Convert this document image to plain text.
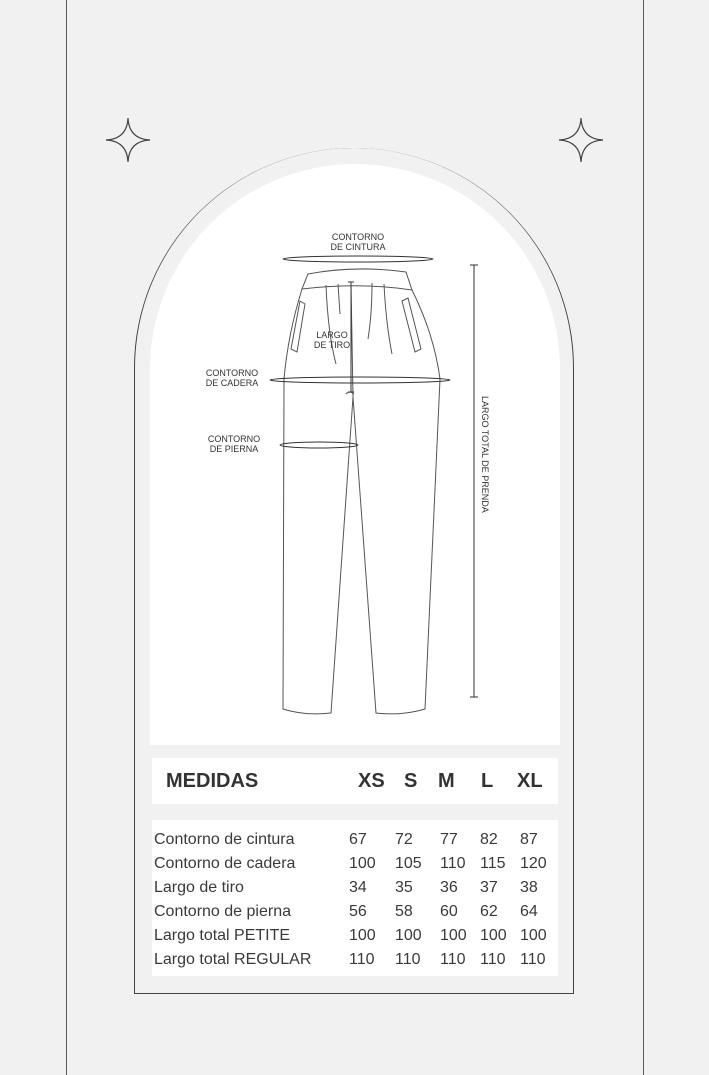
CONTORNO
DE CINTURA
LARGO
DE TIRO
CONTORNO
DE CADERA
CONTORNO
DE PIERNA	LARGO TOTAL DE PRENDA
MEDIDAS	XS S M L XL
Contorno de cintura	67 72 77 82 87
Contorno de cadera	100 105 110 115 120
Largo de tiro	34 35 36 37 38
Contorno de pierna	56 58 60 62 64
Largo total PETITE	100 100 100 100 100
Largo total REGULAR 110 110 110 110 110
